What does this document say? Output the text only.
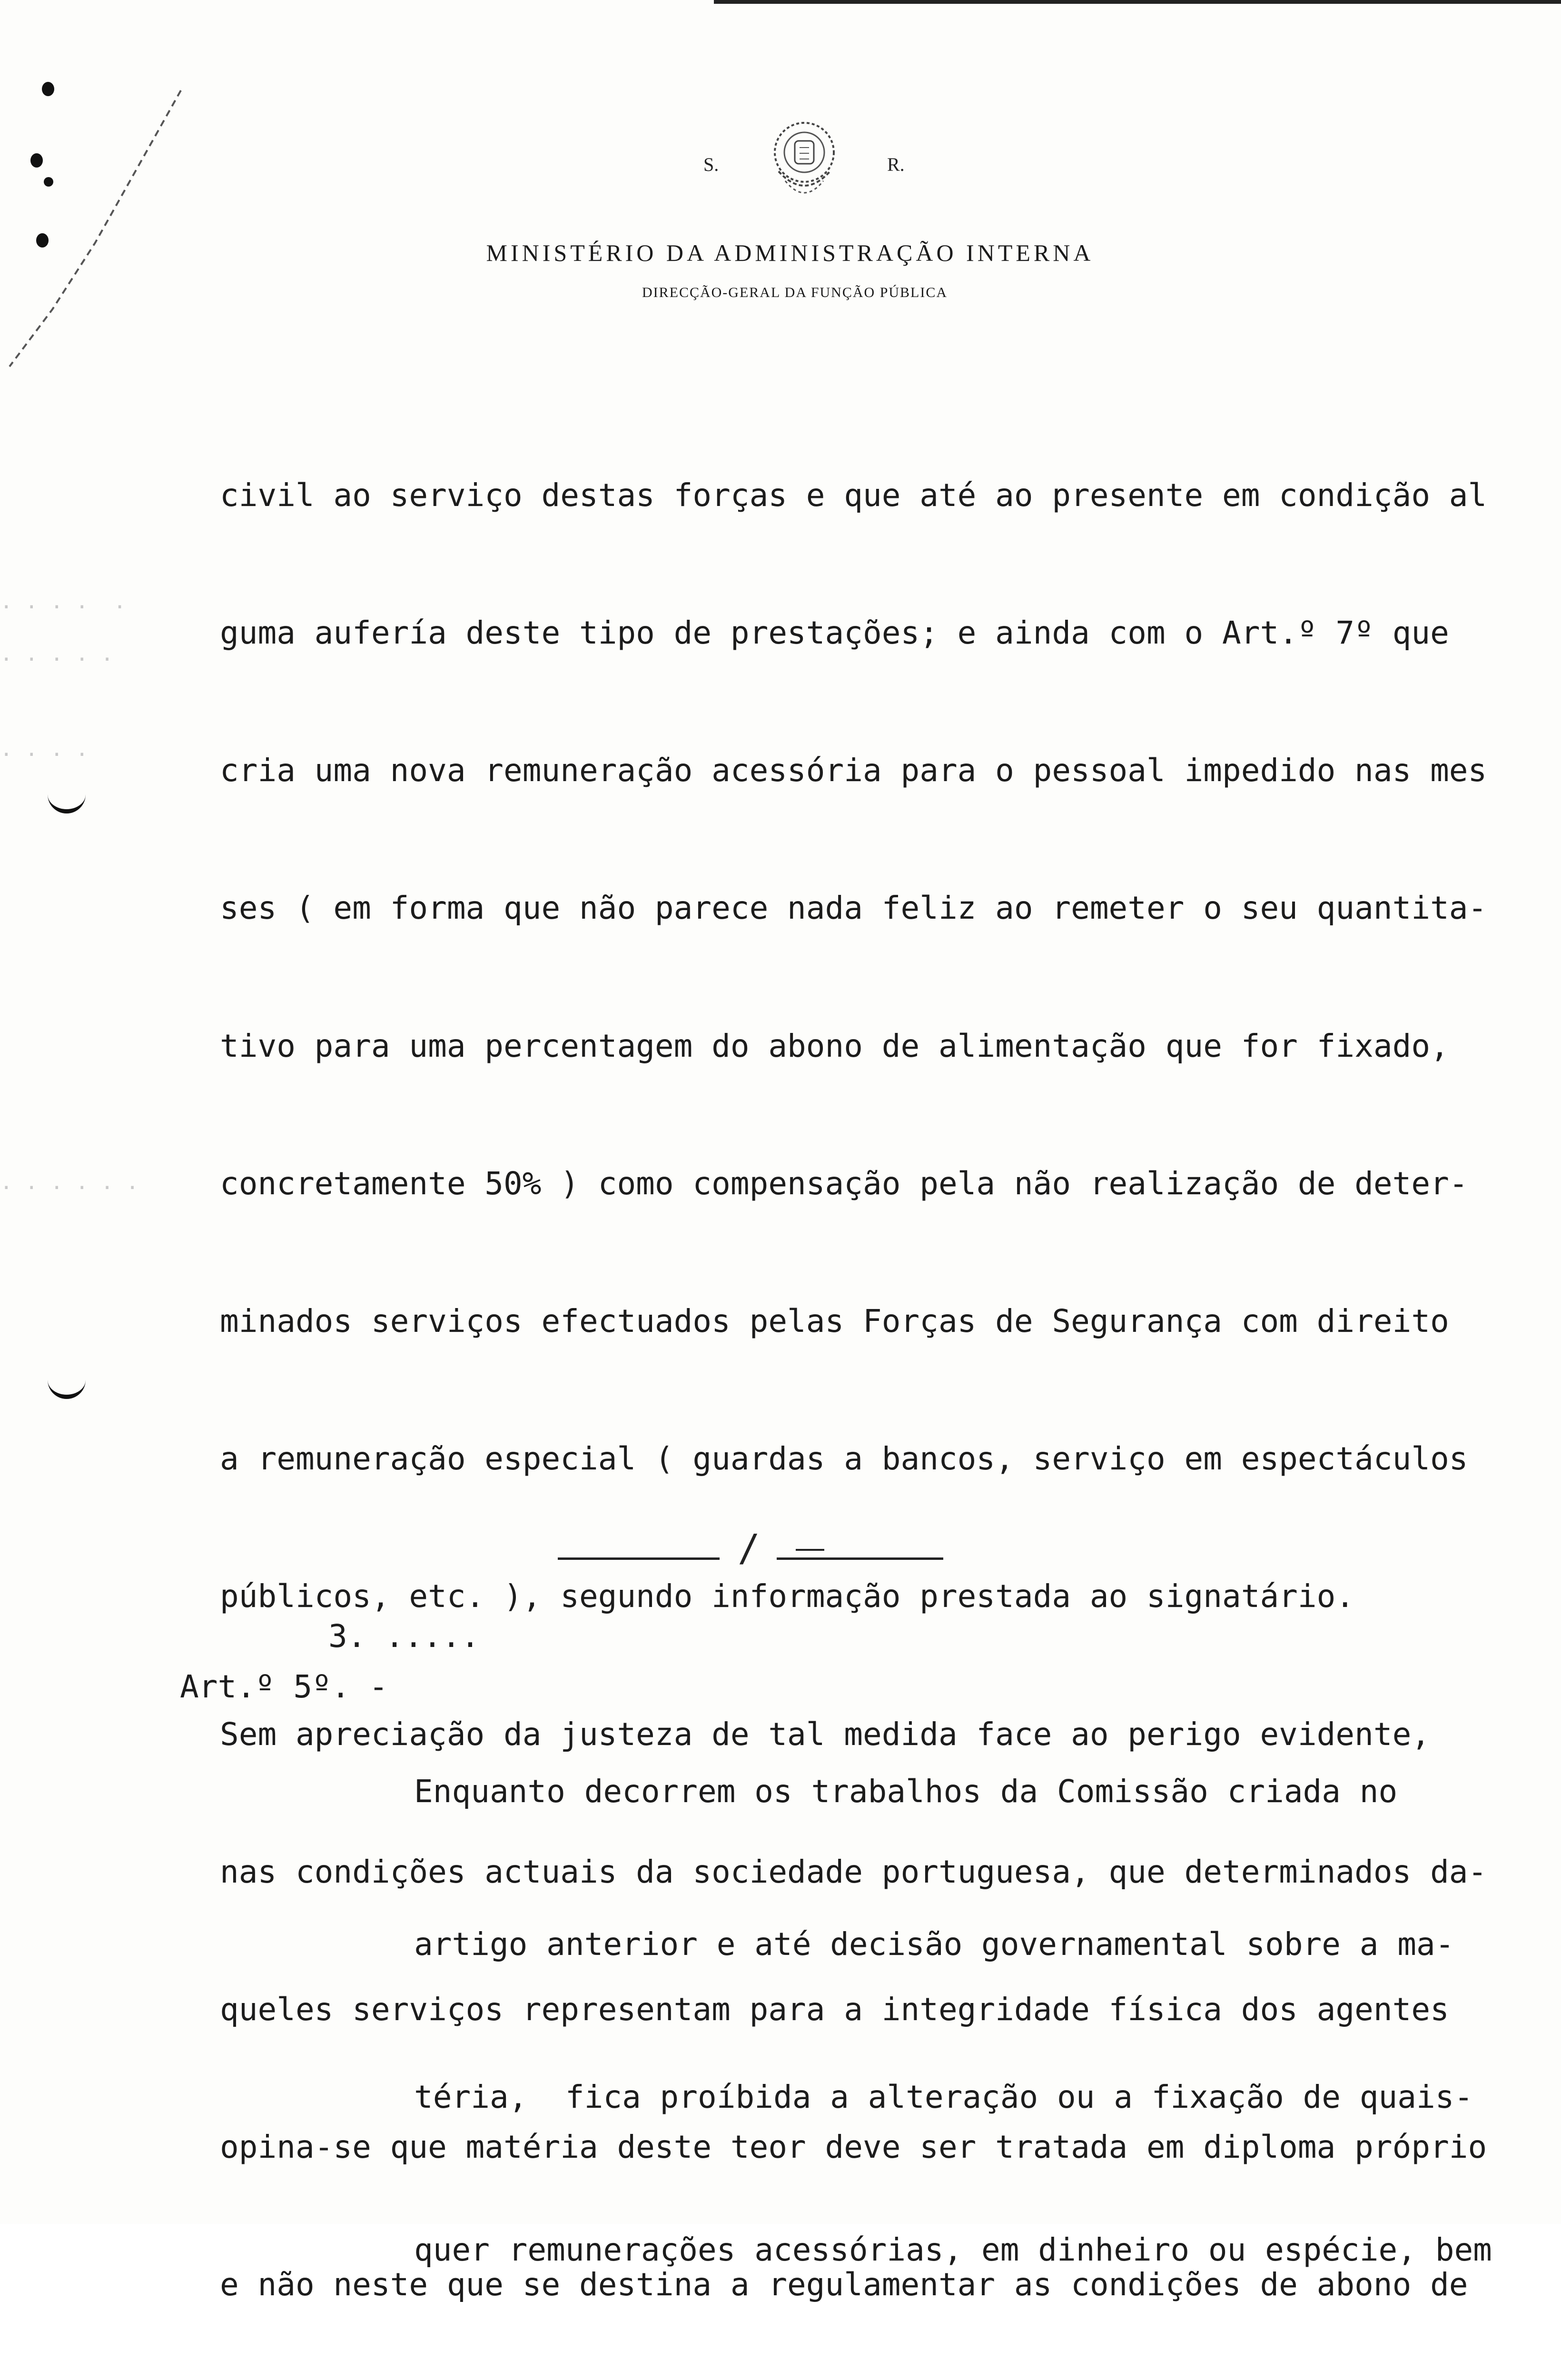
· · · ·  ·
· · · · ·
· · · ·
· · · · · ·
S.	R.
MINISTÉRIO DA ADMINISTRAÇÃO INTERNA
DIRECÇÃO-GERAL DA FUNÇÃO PÚBLICA

civil ao serviço destas forças e que até ao presente em condição al

guma aufería deste tipo de prestações; e ainda com o Art.º 7º que

cria uma nova remuneração acessória para o pessoal impedido nas mes

ses ( em forma que não parece nada feliz ao remeter o seu quantita-

tivo para uma percentagem do abono de alimentação que for fixado,

concretamente 50% ) como compensação pela não realização de deter-

minados serviços efectuados pelas Forças de Segurança com direito

a remuneração especial ( guardas a bancos, serviço em espectáculos

públicos, etc. ), segundo informação prestada ao signatário.

Sem apreciação da justeza de tal medida face ao perigo evidente,

nas condições actuais da sociedade portuguesa, que determinados da-

queles serviços representam para a integridade física dos agentes

opina-se que matéria deste teor deve ser tratada em diploma próprio

e não neste que se destina a regulamentar as condições de abono de

/
3. .....
Art.º 5º. -

Enquanto decorrem os trabalhos da Comissão criada no

artigo anterior e até decisão governamental sobre a ma-

téria,  fica proíbida a alteração ou a fixação de quais-

quer remunerações acessórias, em dinheiro ou espécie, bem
